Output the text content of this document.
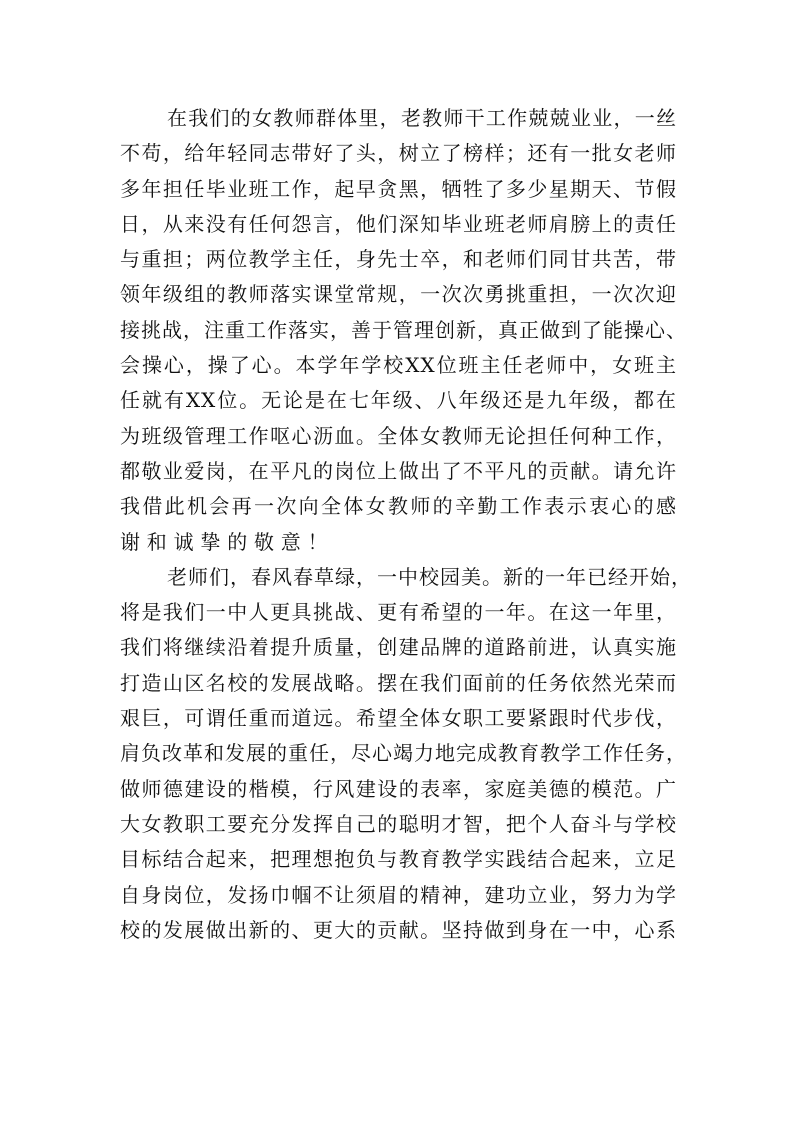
在我们的女教师群体里，老教师干工作兢兢业业，一丝
不苟，给年轻同志带好了头，树立了榜样；还有一批女老师
多年担任毕业班工作，起早贪黑，牺牲了多少星期天、节假
日，从来没有任何怨言，他们深知毕业班老师肩膀上的责任
与重担；两位教学主任，身先士卒，和老师们同甘共苦，带
领年级组的教师落实课堂常规，一次次勇挑重担，一次次迎
接挑战，注重工作落实，善于管理创新，真正做到了能操心、
会操心，操了心。本学年学校XX位班主任老师中，女班主
任就有XX位。无论是在七年级、八年级还是九年级，都在
为班级管理工作呕心沥血。全体女教师无论担任何种工作，
都敬业爱岗，在平凡的岗位上做出了不平凡的贡献。请允许
我借此机会再一次向全体女教师的辛勤工作表示衷心的感
谢和诚挚的敬意！
老师们，春风春草绿，一中校园美。新的一年已经开始，
将是我们一中人更具挑战、更有希望的一年。在这一年里，
我们将继续沿着提升质量，创建品牌的道路前进，认真实施
打造山区名校的发展战略。摆在我们面前的任务依然光荣而
艰巨，可谓任重而道远。希望全体女职工要紧跟时代步伐，
肩负改革和发展的重任，尽心竭力地完成教育教学工作任务，
做师德建设的楷模，行风建设的表率，家庭美德的模范。广
大女教职工要充分发挥自己的聪明才智，把个人奋斗与学校
目标结合起来，把理想抱负与教育教学实践结合起来，立足
自身岗位，发扬巾帼不让须眉的精神，建功立业，努力为学
校的发展做出新的、更大的贡献。坚持做到身在一中，心系
